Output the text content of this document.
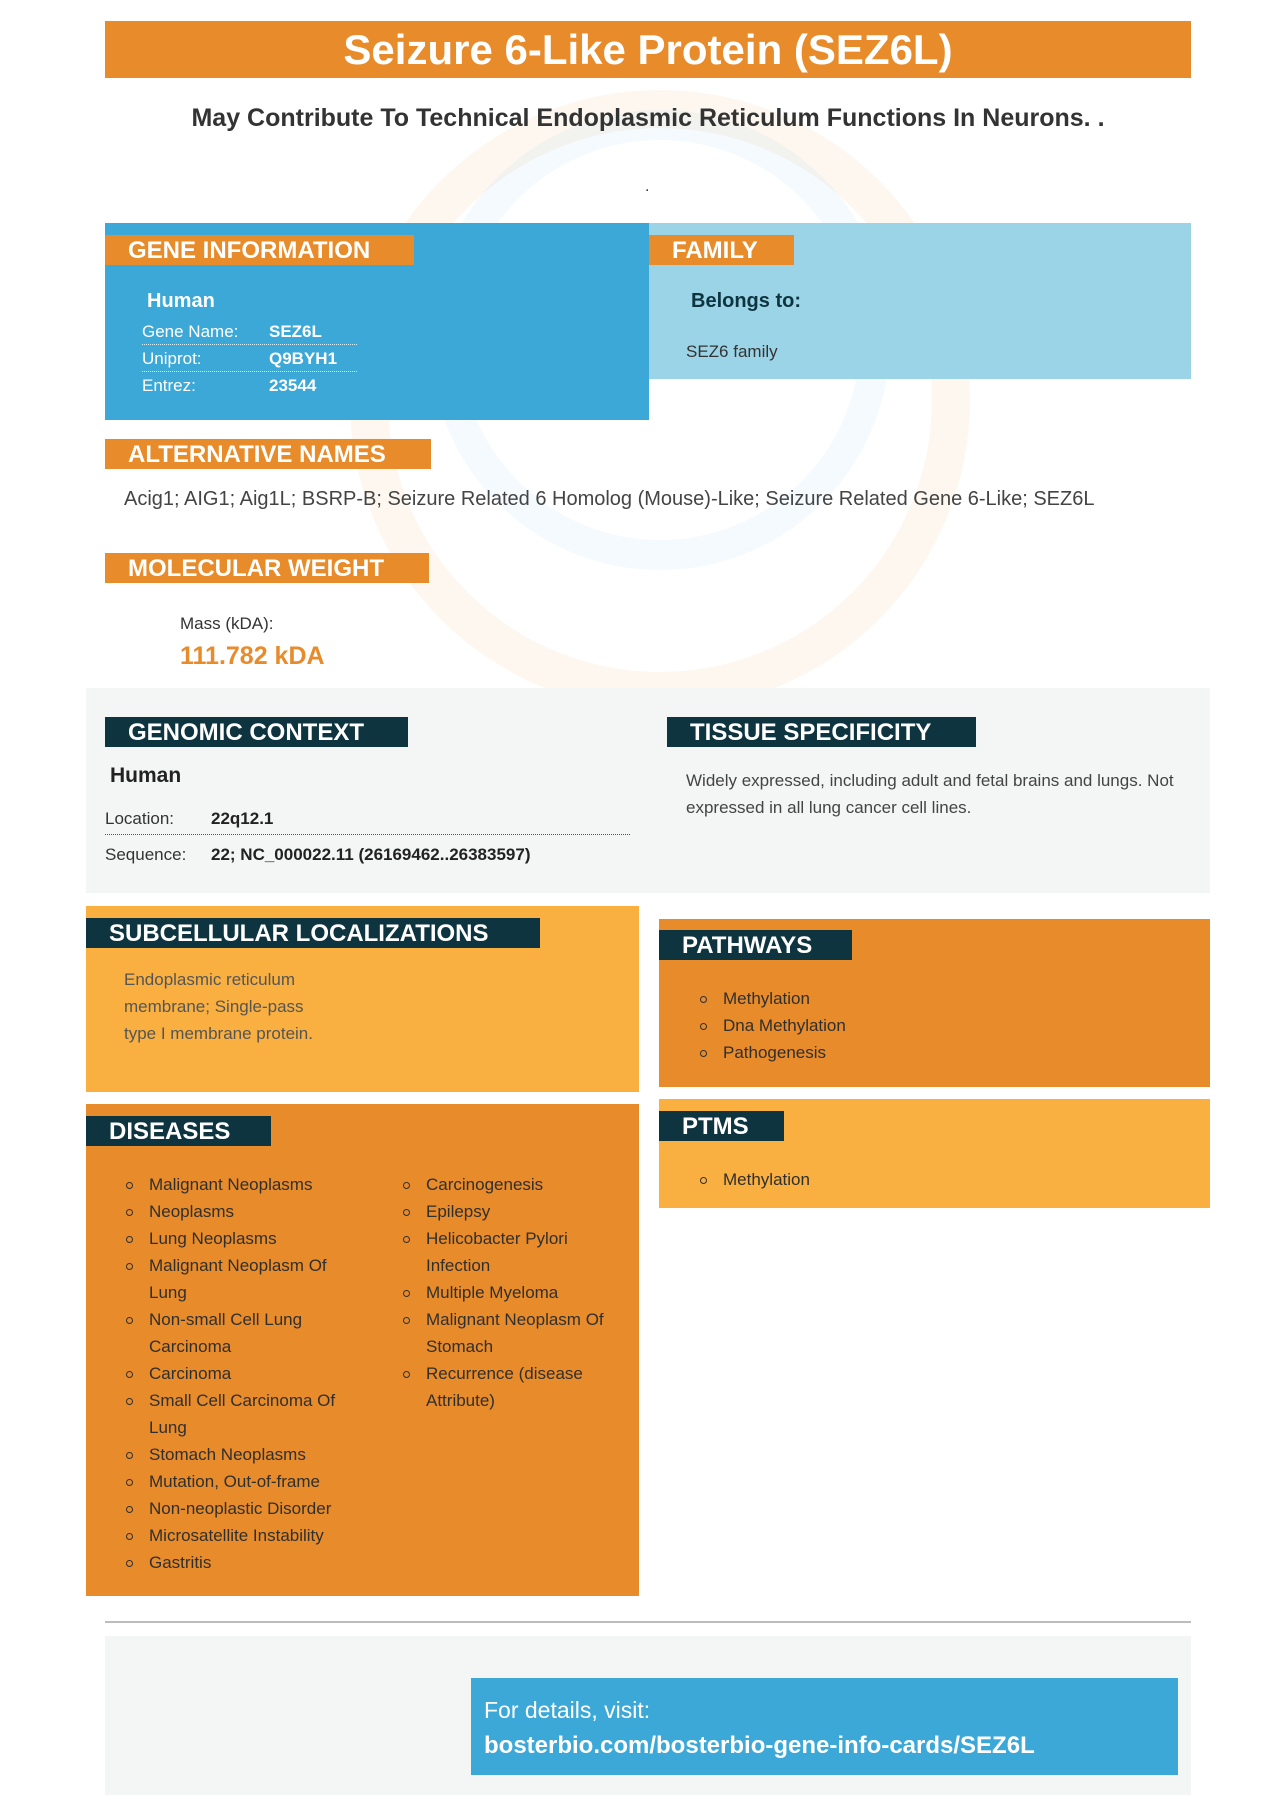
Seizure 6-Like Protein (SEZ6L)
May Contribute To Technical Endoplasmic Reticulum Functions In Neurons. .
.
GENE INFORMATION
Human
Gene Name: SEZ6L
Uniprot:	Q9BYH1
Entrez:	23544
FAMILY
Belongs to:
SEZ6 family
ALTERNATIVE NAMES
Acig1; AIG1; Aig1L; BSRP-B; Seizure Related 6 Homolog (Mouse)-Like; Seizure Related Gene 6-Like; SEZ6L
MOLECULAR WEIGHT
Mass (kDA):
111.782 kDA
GENOMIC CONTEXT
Human
Location: 22q12.1
Sequence: 22; NC_000022.11 (26169462..26383597)
TISSUE SPECIFICITY
Widely expressed, including adult and fetal brains and lungs. Not expressed in all lung cancer cell lines.
SUBCELLULAR LOCALIZATIONS
Endoplasmic reticulum membrane; Single-pass type I membrane protein.
PATHWAYS
Methylation
Dna Methylation
Pathogenesis
PTMS
Methylation
DISEASES
Malignant Neoplasms
Neoplasms
Lung Neoplasms
Malignant Neoplasm Of Lung
Non-small Cell Lung Carcinoma
Carcinoma
Small Cell Carcinoma Of Lung
Stomach Neoplasms
Mutation, Out-of-frame
Non-neoplastic Disorder
Microsatellite Instability
Gastritis
Carcinogenesis
Epilepsy
Helicobacter Pylori Infection
Multiple Myeloma
Malignant Neoplasm Of Stomach
Recurrence (disease Attribute)
For details, visit:
bosterbio.com/bosterbio-gene-info-cards/SEZ6L
